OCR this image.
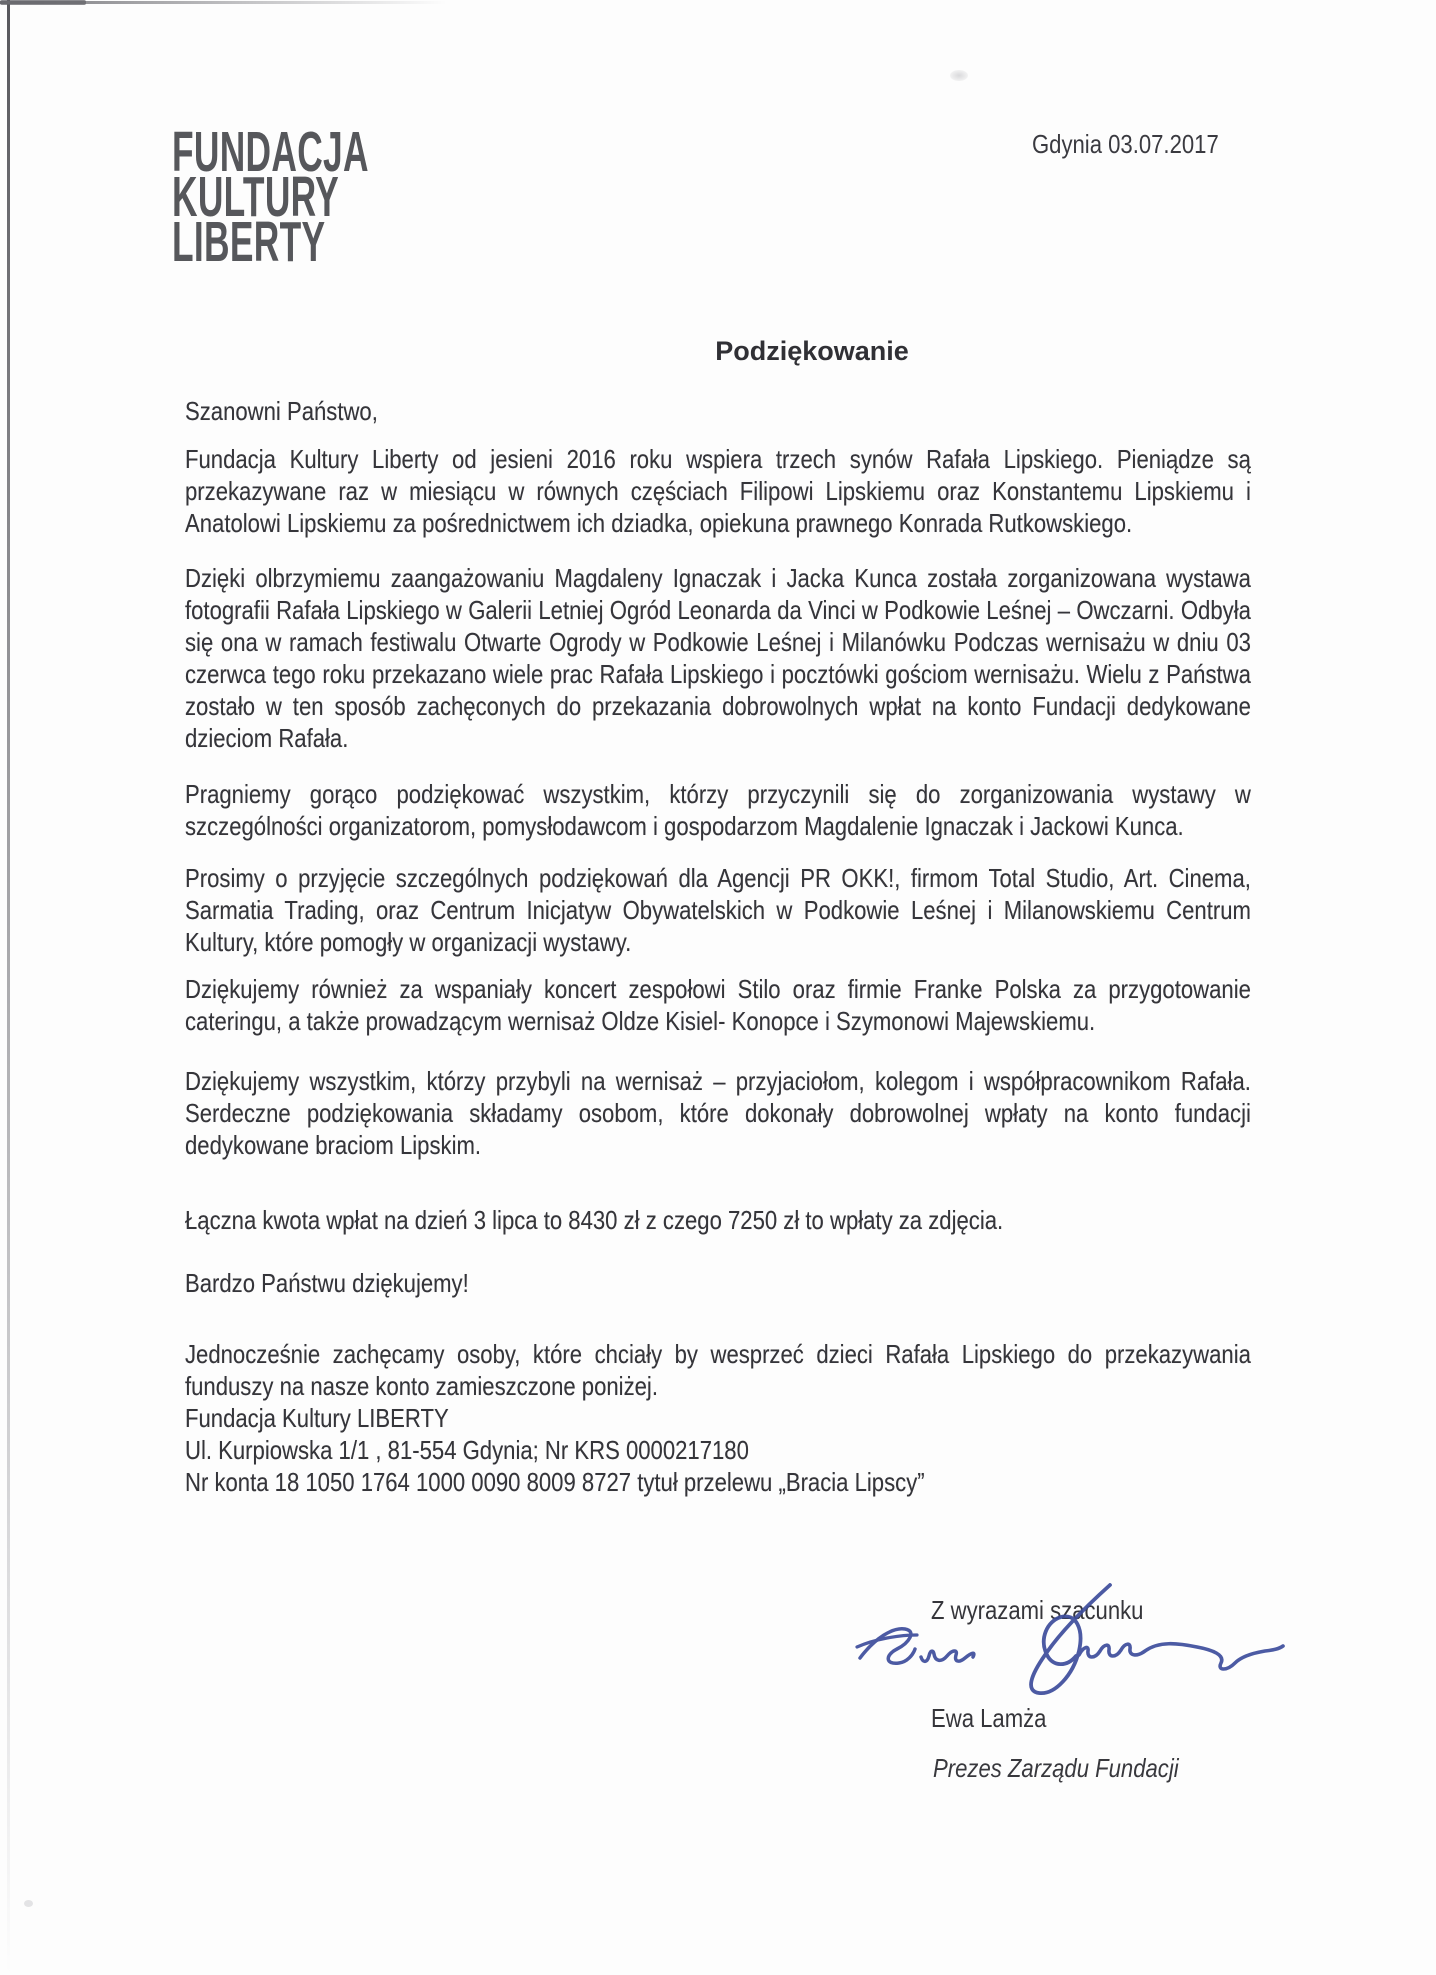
FUNDACJA
KULTURY
LIBERTY
Gdynia 03.07.2017
Podziękowanie

Szanowni Państwo,

Fundacja Kultury Liberty od jesieni 2016 roku wspiera trzech synów Rafała Lipskiego. Pieniądze są przekazywane raz w miesiącu w równych częściach Filipowi Lipskiemu oraz Konstantemu Lipskiemu i Anatolowi Lipskiemu za pośrednictwem ich dziadka, opiekuna prawnego Konrada Rutkowskiego.

Dzięki olbrzymiemu zaangażowaniu Magdaleny Ignaczak i Jacka Kunca została zorganizowana wystawa fotografii Rafała Lipskiego w Galerii Letniej Ogród Leonarda da Vinci w Podkowie Leśnej – Owczarni. Odbyła się ona w ramach festiwalu Otwarte Ogrody w Podkowie Leśnej i Milanówku Podczas wernisażu w dniu 03 czerwca tego roku przekazano wiele prac Rafała Lipskiego i pocztówki gościom wernisażu. Wielu z Państwa zostało w ten sposób zachęconych do przekazania dobrowolnych wpłat na konto Fundacji dedykowane dzieciom Rafała.

Pragniemy gorąco podziękować wszystkim, którzy przyczynili się do zorganizowania wystawy w szczególności organizatorom, pomysłodawcom i gospodarzom Magdalenie Ignaczak i Jackowi Kunca.

Prosimy o przyjęcie szczególnych podziękowań dla Agencji PR OKK!, firmom Total Studio, Art. Cinema, Sarmatia Trading, oraz Centrum Inicjatyw Obywatelskich w Podkowie Leśnej i Milanowskiemu Centrum Kultury, które pomogły w organizacji wystawy.

Dziękujemy również za wspaniały koncert zespołowi Stilo oraz firmie Franke Polska za przygotowanie cateringu, a także prowadzącym wernisaż Oldze Kisiel- Konopce i Szymonowi Majewskiemu.

Dziękujemy wszystkim, którzy przybyli na wernisaż – przyjaciołom, kolegom i współpracownikom Rafała. Serdeczne podziękowania składamy osobom, które dokonały dobrowolnej wpłaty na konto fundacji dedykowane braciom Lipskim.

Łączna kwota wpłat na dzień 3 lipca to 8430 zł z czego 7250 zł to wpłaty za zdjęcia.

Bardzo Państwu dziękujemy!

Jednocześnie zachęcamy osoby, które chciały by wesprzeć dzieci Rafała Lipskiego do przekazywania funduszy na nasze konto zamieszczone poniżej.

Fundacja Kultury LIBERTY
Ul. Kurpiowska 1/1 , 81-554 Gdynia; Nr KRS 0000217180
Nr konta 18 1050 1764 1000 0090 8009 8727 tytuł przelewu „Bracia Lipscy”
Z wyrazami szacunku
Ewa Lamża
Prezes Zarządu Fundacji
